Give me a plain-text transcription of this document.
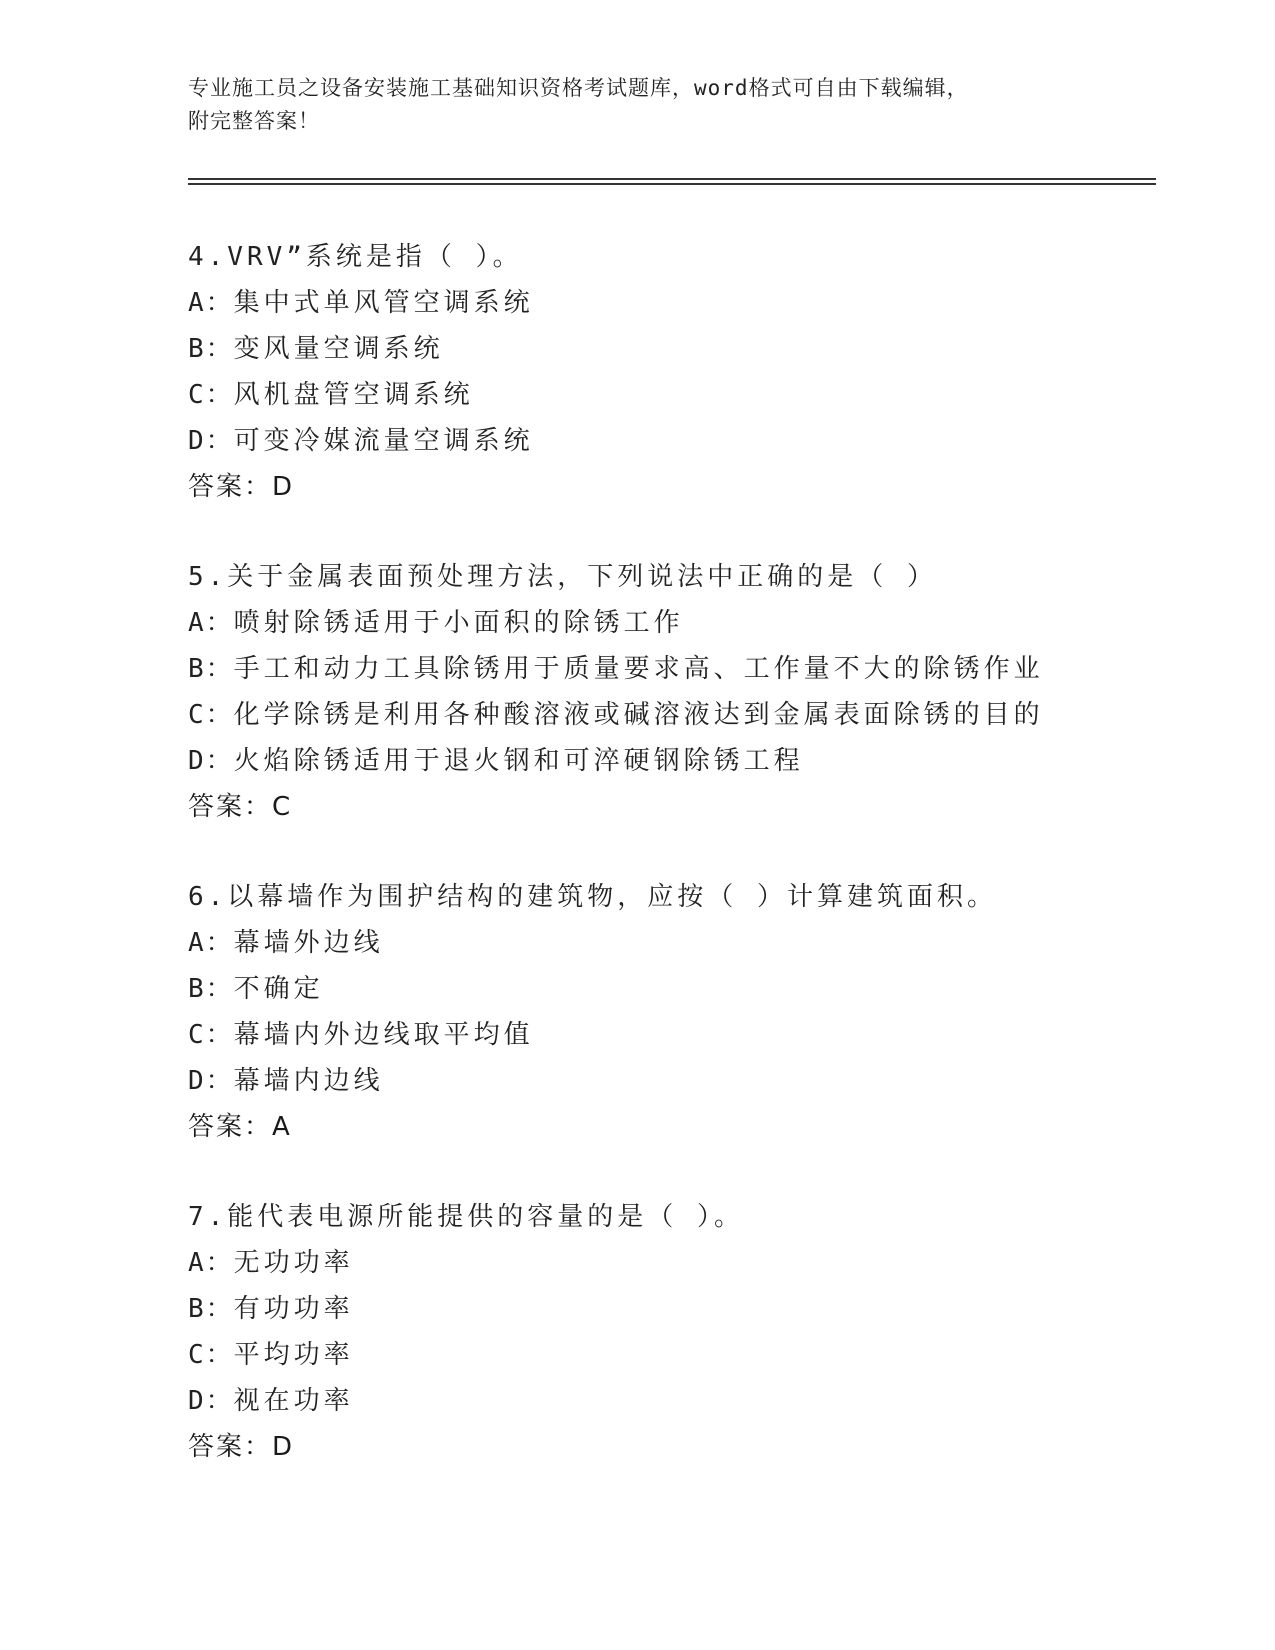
专业施工员之设备安装施工基础知识资格考试题库，word格式可自由下载编辑，
附完整答案！
4.VRV”系统是指（ ）。
A：集中式单风管空调系统
B：变风量空调系统
C：风机盘管空调系统
D：可变冷媒流量空调系统
答案：D
5.关于金属表面预处理方法，下列说法中正确的是（ ）
A：喷射除锈适用于小面积的除锈工作
B：手工和动力工具除锈用于质量要求高、工作量不大的除锈作业
C：化学除锈是利用各种酸溶液或碱溶液达到金属表面除锈的目的
D：火焰除锈适用于退火钢和可淬硬钢除锈工程
答案：C
6.以幕墙作为围护结构的建筑物，应按（ ）计算建筑面积。
A：幕墙外边线
B：不确定
C：幕墙内外边线取平均值
D：幕墙内边线
答案：A
7.能代表电源所能提供的容量的是（ ）。
A：无功功率
B：有功功率
C：平均功率
D：视在功率
答案：D
